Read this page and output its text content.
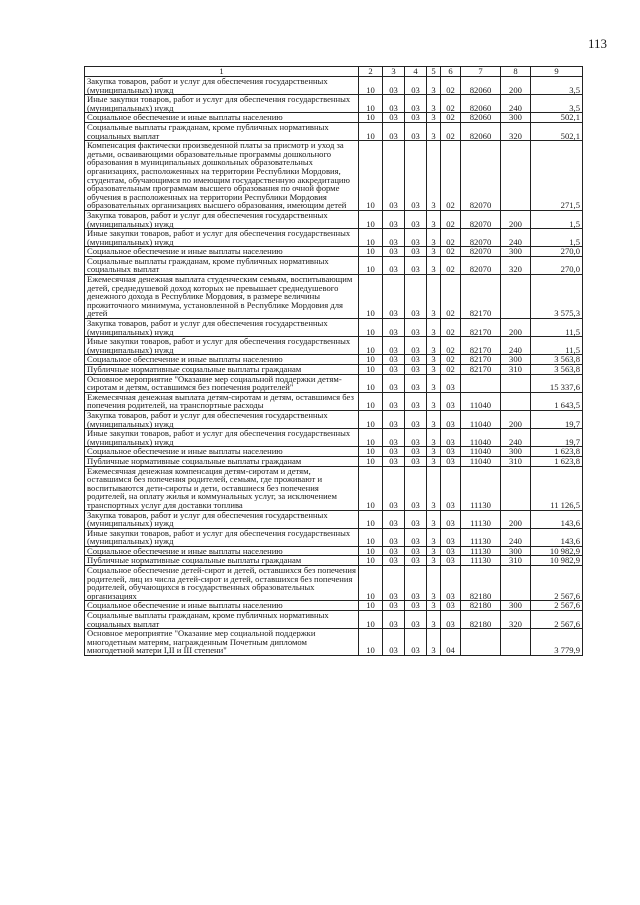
113
1	2	3	4	5	6	7	8	9
Закупка товаров, работ и услуг для обеспечения государственных (муниципальных) нужд	10	03	03	3	02	82060	200	3,5
Иные закупки товаров, работ и услуг для обеспечения государственных (муниципальных) нужд	10	03	03	3	02	82060	240	3,5
Социальное обеспечение и иные выплаты населению	10	03	03	3	02	82060	300	502,1
Социальные выплаты гражданам, кроме публичных нормативных социальных выплат	10	03	03	3	02	82060	320	502,1
Компенсация фактически произведенной платы за присмотр и уход за детьми, осваивающими образовательные программы дошкольного образования в муниципальных дошкольных образовательных организациях, расположенных на территории Республики Мордовия, студентам, обучающимся по имеющим государственную аккредитацию образовательным программам высшего образования по очной форме обучения в расположенных на территории Республики Мордовия образовательных организациях высшего образования, имеющим детей	10	03	03	3	02	82070		271,5
Закупка товаров, работ и услуг для обеспечения государственных (муниципальных) нужд	10	03	03	3	02	82070	200	1,5
Иные закупки товаров, работ и услуг для обеспечения государственных (муниципальных) нужд	10	03	03	3	02	82070	240	1,5
Социальное обеспечение и иные выплаты населению	10	03	03	3	02	82070	300	270,0
Социальные выплаты гражданам, кроме публичных нормативных социальных выплат	10	03	03	3	02	82070	320	270,0
Ежемесячная денежная выплата студенческим семьям, воспитывающим детей, среднедушевой доход которых не превышает среднедушевого денежного дохода в Республике Мордовия, в размере величины прожиточного минимума, установленной в Республике Мордовия для детей	10	03	03	3	02	82170		3 575,3
Закупка товаров, работ и услуг для обеспечения государственных (муниципальных) нужд	10	03	03	3	02	82170	200	11,5
Иные закупки товаров, работ и услуг для обеспечения государственных (муниципальных) нужд	10	03	03	3	02	82170	240	11,5
Социальное обеспечение и иные выплаты населению	10	03	03	3	02	82170	300	3 563,8
Публичные нормативные социальные выплаты гражданам	10	03	03	3	02	82170	310	3 563,8
Основное мероприятие "Оказание мер социальной поддержки детям-сиротам и детям, оставшимся без попечения родителей"	10	03	03	3	03			15 337,6
Ежемесячная денежная выплата детям-сиротам и детям, оставшимся без попечения родителей, на транспортные расходы	10	03	03	3	03	11040		1 643,5
Закупка товаров, работ и услуг для обеспечения государственных (муниципальных) нужд	10	03	03	3	03	11040	200	19,7
Иные закупки товаров, работ и услуг для обеспечения государственных (муниципальных) нужд	10	03	03	3	03	11040	240	19,7
Социальное обеспечение и иные выплаты населению	10	03	03	3	03	11040	300	1 623,8
Публичные нормативные социальные выплаты гражданам	10	03	03	3	03	11040	310	1 623,8
Ежемесячная денежная компенсация детям-сиротам и детям, оставшимся без попечения родителей, семьям, где проживают и воспитываются дети-сироты и дети, оставшиеся без попечения родителей, на оплату жилья и коммунальных услуг, за исключением транспортных услуг для доставки топлива	10	03	03	3	03	11130		11 126,5
Закупка товаров, работ и услуг для обеспечения государственных (муниципальных) нужд	10	03	03	3	03	11130	200	143,6
Иные закупки товаров, работ и услуг для обеспечения государственных (муниципальных) нужд	10	03	03	3	03	11130	240	143,6
Социальное обеспечение и иные выплаты населению	10	03	03	3	03	11130	300	10 982,9
Публичные нормативные социальные выплаты гражданам	10	03	03	3	03	11130	310	10 982,9
Социальное обеспечение детей-сирот и детей, оставшихся без попечения родителей, лиц из числа детей-сирот и детей, оставшихся без попечения родителей, обучающихся в государственных образовательных организациях	10	03	03	3	03	82180		2 567,6
Социальное обеспечение и иные выплаты населению	10	03	03	3	03	82180	300	2 567,6
Социальные выплаты гражданам, кроме публичных нормативных социальных выплат	10	03	03	3	03	82180	320	2 567,6
Основное мероприятие "Оказание мер социальной поддержки многодетным матерям, награжденным Почетным дипломом многодетной матери I,II и III степени"	10	03	03	3	04			3 779,9
